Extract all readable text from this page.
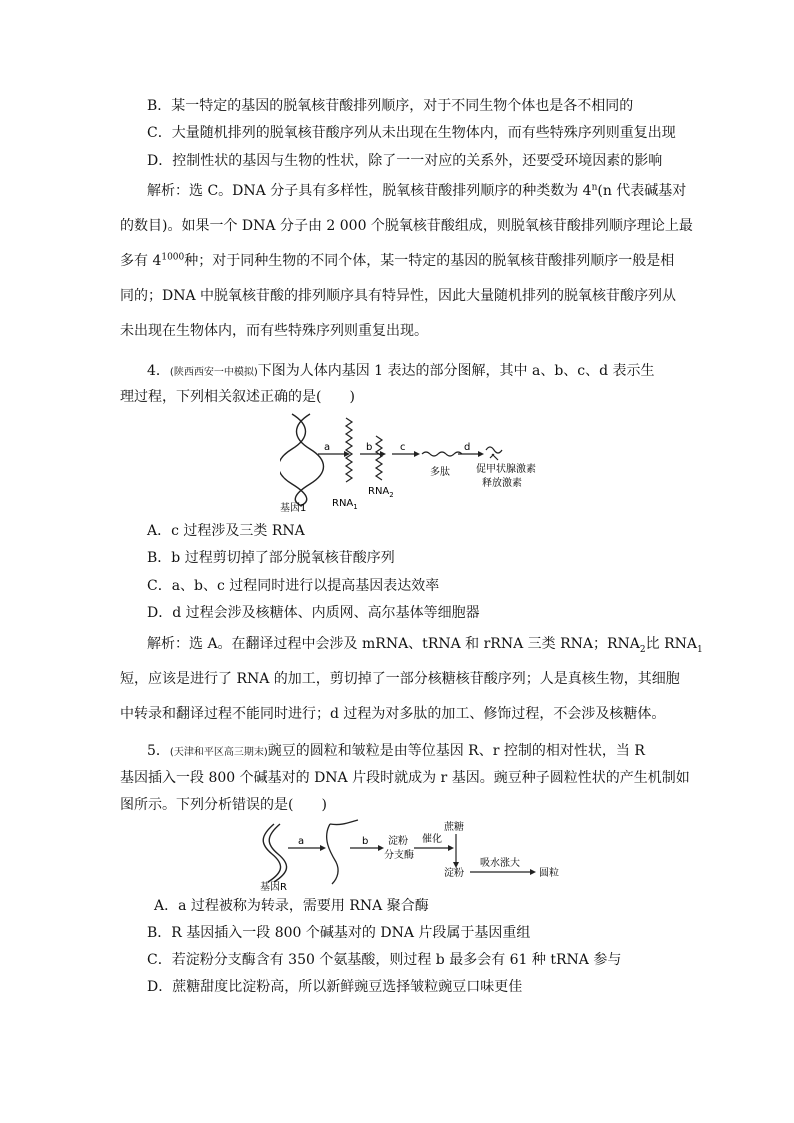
B．某一特定的基因的脱氧核苷酸排列顺序，对于不同生物个体也是各不相同的
C．大量随机排列的脱氧核苷酸序列从未出现在生物体内，而有些特殊序列则重复出现
D．控制性状的基因与生物的性状，除了一一对应的关系外，还要受环境因素的影响
解析：选 C。DNA 分子具有多样性，脱氧核苷酸排列顺序的种类数为 4$^n$(n 代表碱基对
的数目)。如果一个 DNA 分子由 2 000 个脱氧核苷酸组成，则脱氧核苷酸排列顺序理论上最
多有 $4^{1000}$种；对于同种生物的不同个体，某一特定的基因的脱氧核苷酸排列顺序一般是相
同的；DNA 中脱氧核苷酸的排列顺序具有特异性，因此大量随机排列的脱氧核苷酸序列从
未出现在生物体内，而有些特殊序列则重复出现。
4．(陕西西安一中模拟)下图为人体内基因 1 表达的部分图解，其中 a、b、c、d 表示生
理过程，下列相关叙述正确的是(　　)
a	b	c
多肽
d
促甲状腺激素
释放激素
基因1	$RNA_1$
$RNA_2$
A．c 过程涉及三类 RNA
B．b 过程剪切掉了部分脱氧核苷酸序列
C．a、b、c 过程同时进行以提高基因表达效率
D．d 过程会涉及核糖体、内质网、高尔基体等细胞器
解析：选 A。在翻译过程中会涉及 mRNA、tRNA 和 rRNA 三类 RNA；$RNA_2$比 $RNA_1$
短，应该是进行了 RNA 的加工，剪切掉了一部分核糖核苷酸序列；人是真核生物，其细胞
中转录和翻译过程不能同时进行；d 过程为对多肽的加工、修饰过程，不会涉及核糖体。
5．(天津和平区高三期末)豌豆的圆粒和皱粒是由等位基因 R、r 控制的相对性状，当 R
基因插入一段 800 个碱基对的 DNA 片段时就成为 r 基因。豌豆种子圆粒性状的产生机制如
图所示。下列分析错误的是(　　)
基因R
a	b 淀粉
分支酶
催化
蔗糖
淀粉
吸水涨大
圆粒
A．a 过程被称为转录，需要用 RNA 聚合酶
B．R 基因插入一段 800 个碱基对的 DNA 片段属于基因重组
C．若淀粉分支酶含有 350 个氨基酸，则过程 b 最多会有 61 种 tRNA 参与
D．蔗糖甜度比淀粉高，所以新鲜豌豆选择皱粒豌豆口味更佳
